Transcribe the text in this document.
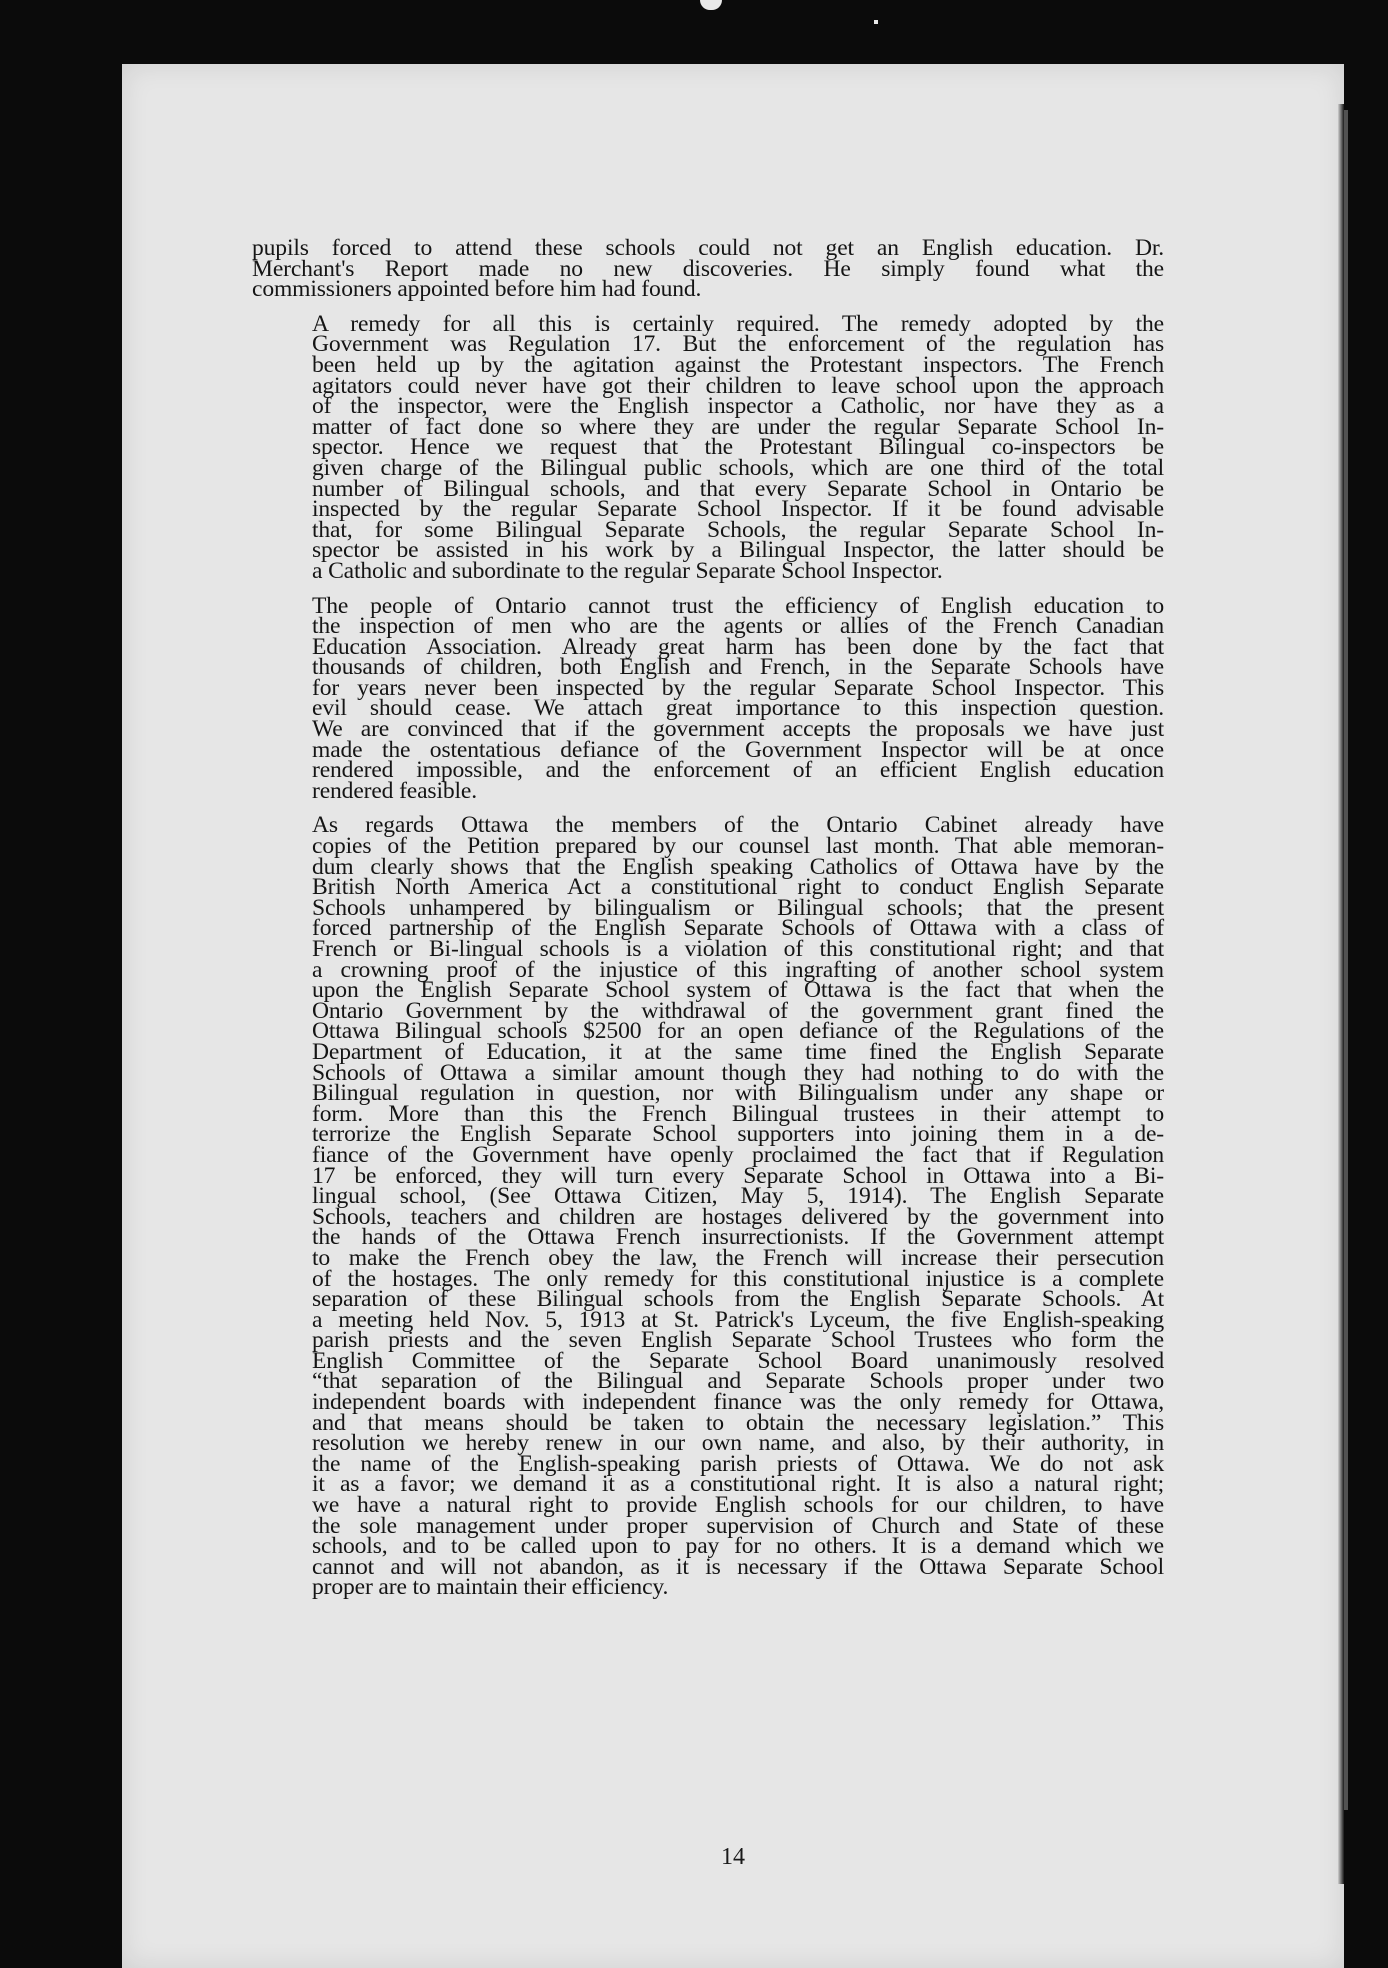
pupils forced to attend these schools could not get an English education. Dr.
Merchant's Report made no new discoveries. He simply found what the
commissioners appointed before him had found.
A remedy for all this is certainly required. The remedy adopted by the
Government was Regulation 17. But the enforcement of the regulation has
been held up by the agitation against the Protestant inspectors. The French
agitators could never have got their children to leave school upon the approach
of the inspector, were the English inspector a Catholic, nor have they as a
matter of fact done so where they are under the regular Separate School In-
spector. Hence we request that the Protestant Bilingual co-inspectors be
given charge of the Bilingual public schools, which are one third of the total
number of Bilingual schools, and that every Separate School in Ontario be
inspected by the regular Separate School Inspector. If it be found advisable
that, for some Bilingual Separate Schools, the regular Separate School In-
spector be assisted in his work by a Bilingual Inspector, the latter should be
a Catholic and subordinate to the regular Separate School Inspector.
The people of Ontario cannot trust the efficiency of English education to
the inspection of men who are the agents or allies of the French Canadian
Education Association. Already great harm has been done by the fact that
thousands of children, both English and French, in the Separate Schools have
for years never been inspected by the regular Separate School Inspector. This
evil should cease. We attach great importance to this inspection question.
We are convinced that if the government accepts the proposals we have just
made the ostentatious defiance of the Government Inspector will be at once
rendered impossible, and the enforcement of an efficient English education
rendered feasible.
As regards Ottawa the members of the Ontario Cabinet already have
copies of the Petition prepared by our counsel last month. That able memoran-
dum clearly shows that the English speaking Catholics of Ottawa have by the
British North America Act a constitutional right to conduct English Separate
Schools unhampered by bilingualism or Bilingual schools; that the present
forced partnership of the English Separate Schools of Ottawa with a class of
French or Bi-lingual schools is a violation of this constitutional right; and that
a crowning proof of the injustice of this ingrafting of another school system
upon the English Separate School system of Ottawa is the fact that when the
Ontario Government by the withdrawal of the government grant fined the
Ottawa Bilingual schools $2500 for an open defiance of the Regulations of the
Department of Education, it at the same time fined the English Separate
Schools of Ottawa a similar amount though they had nothing to do with the
Bilingual regulation in question, nor with Bilingualism under any shape or
form. More than this the French Bilingual trustees in their attempt to
terrorize the English Separate School supporters into joining them in a de-
fiance of the Government have openly proclaimed the fact that if Regulation
17 be enforced, they will turn every Separate School in Ottawa into a Bi-
lingual school, (See Ottawa Citizen, May 5, 1914). The English Separate
Schools, teachers and children are hostages delivered by the government into
the hands of the Ottawa French insurrectionists. If the Government attempt
to make the French obey the law, the French will increase their persecution
of the hostages. The only remedy for this constitutional injustice is a complete
separation of these Bilingual schools from the English Separate Schools. At
a meeting held Nov. 5, 1913 at St. Patrick's Lyceum, the five English-speaking
parish priests and the seven English Separate School Trustees who form the
English Committee of the Separate School Board unanimously resolved
“that separation of the Bilingual and Separate Schools proper under two
independent boards with independent finance was the only remedy for Ottawa,
and that means should be taken to obtain the necessary legislation.” This
resolution we hereby renew in our own name, and also, by their authority, in
the name of the English-speaking parish priests of Ottawa. We do not ask
it as a favor; we demand it as a constitutional right. It is also a natural right;
we have a natural right to provide English schools for our children, to have
the sole management under proper supervision of Church and State of these
schools, and to be called upon to pay for no others. It is a demand which we
cannot and will not abandon, as it is necessary if the Ottawa Separate School
proper are to maintain their efficiency.
14
